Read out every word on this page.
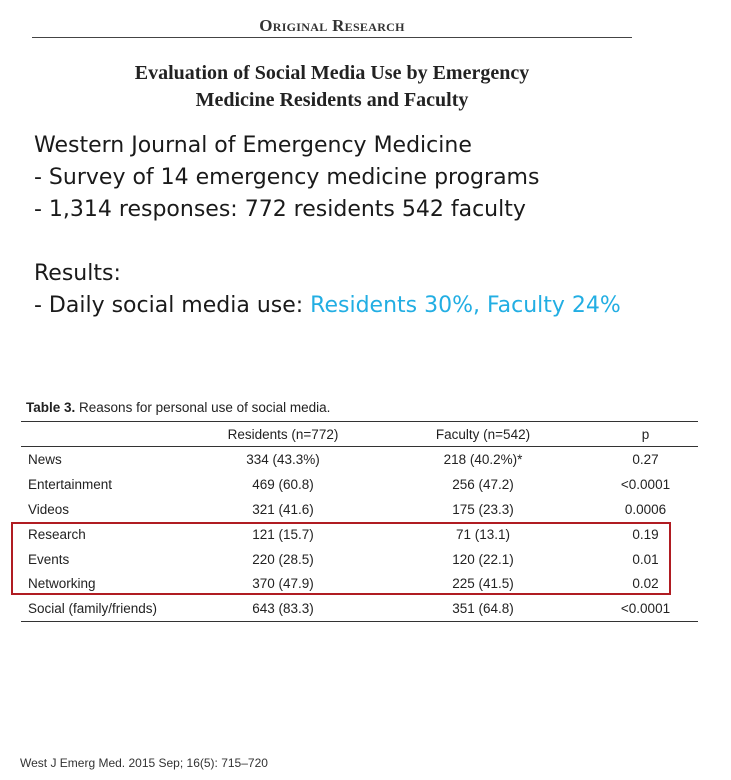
Original Research
Evaluation of Social Media Use by Emergency
Medicine Residents and Faculty
Western Journal of Emergency Medicine
- Survey of 14 emergency medicine programs
- 1,314 responses: 772 residents 542 faculty
Results:
- Daily social media use: Residents 30%, Faculty 24%
Table 3. Reasons for personal use of social media.
	Residents (n=772)	Faculty (n=542)	p
News	334 (43.3%)	218 (40.2%)*	0.27
Entertainment	469 (60.8)	256 (47.2)	<0.0001
Videos	321 (41.6)	175 (23.3)	0.0006
Research	121 (15.7)	71 (13.1)	0.19
Events	220 (28.5)	120 (22.1)	0.01
Networking	370 (47.9)	225 (41.5)	0.02
Social (family/friends)	643 (83.3)	351 (64.8)	<0.0001
West J Emerg Med. 2015 Sep; 16(5): 715–720
